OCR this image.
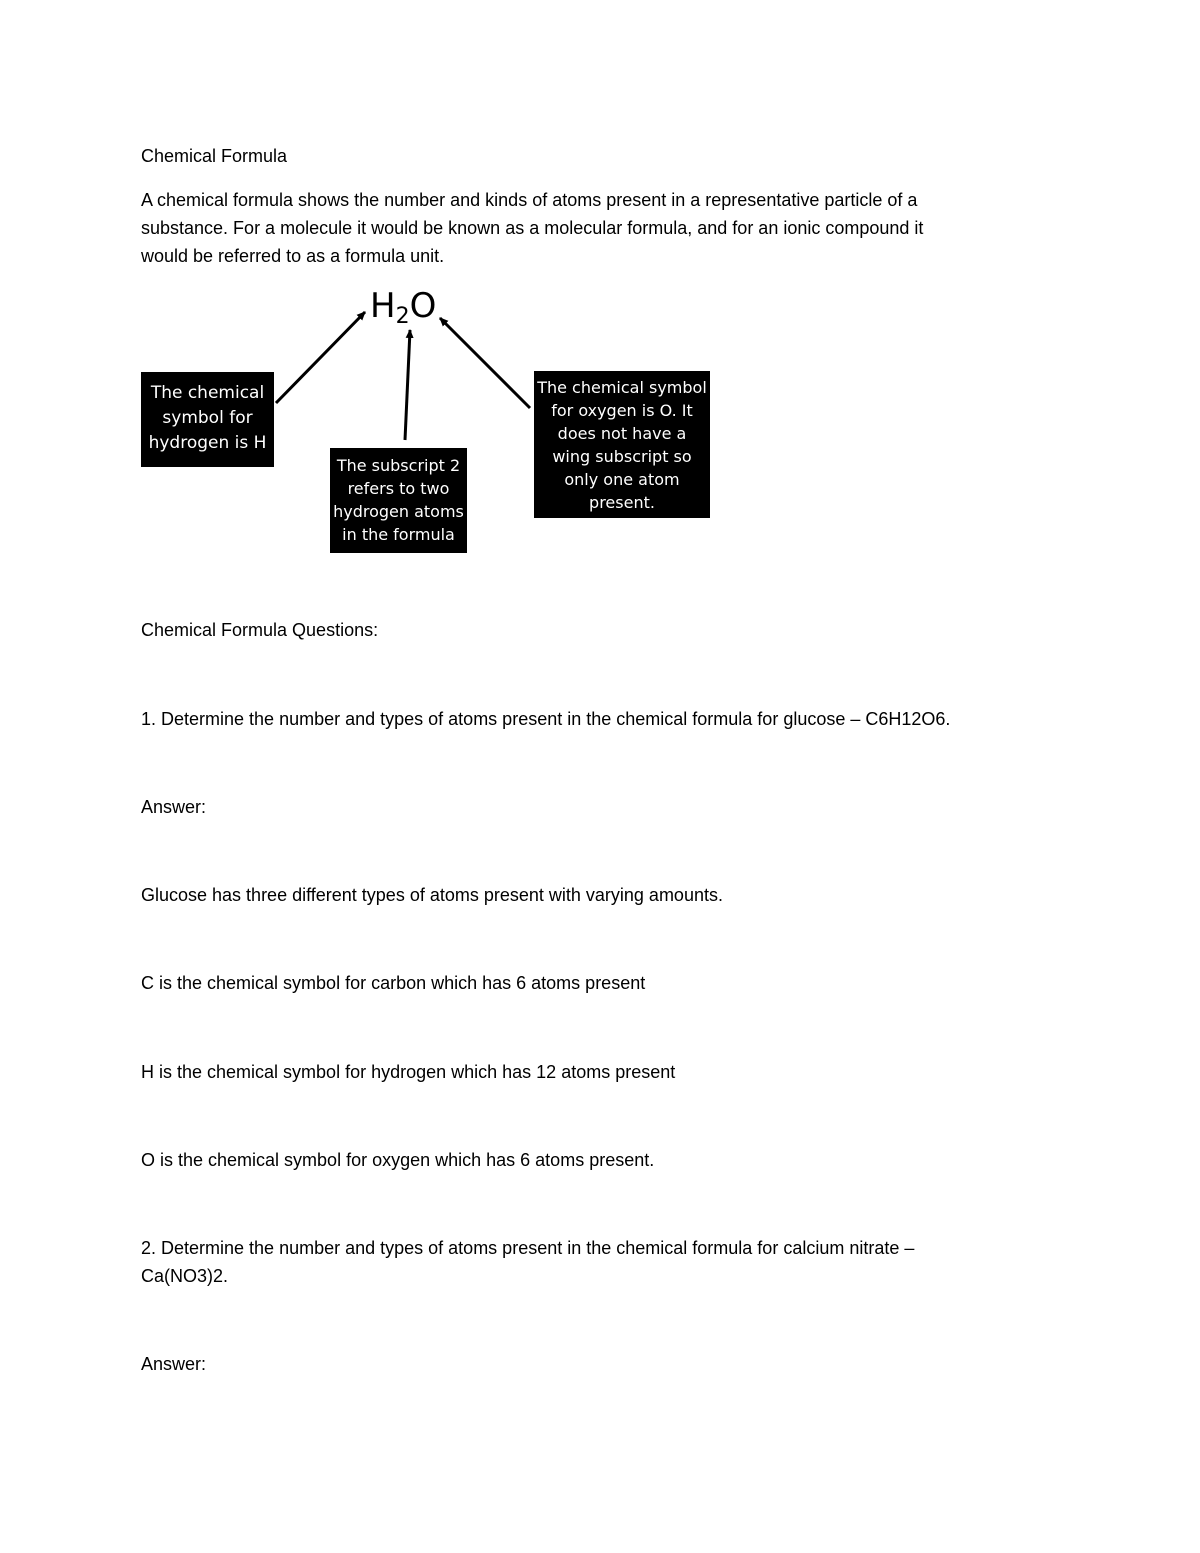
Chemical Formula
A chemical formula shows the number and kinds of atoms present in a representative particle of a
substance. For a molecule it would be known as a molecular formula, and for an ionic compound it
would be referred to as a formula unit.
$H_2O$
The chemical
symbol for
hydrogen is H
The subscript 2
refers to two
hydrogen atoms
in the formula
The chemical symbol
for oxygen is O. It
does not have a
wing subscript so
only one atom
present.
Chemical Formula Questions:
1. Determine the number and types of atoms present in the chemical formula for glucose – C6H12O6.
Answer:
Glucose has three different types of atoms present with varying amounts.
C is the chemical symbol for carbon which has 6 atoms present
H is the chemical symbol for hydrogen which has 12 atoms present
O is the chemical symbol for oxygen which has 6 atoms present.
2. Determine the number and types of atoms present in the chemical formula for calcium nitrate –
Ca(NO3)2.
Answer:
